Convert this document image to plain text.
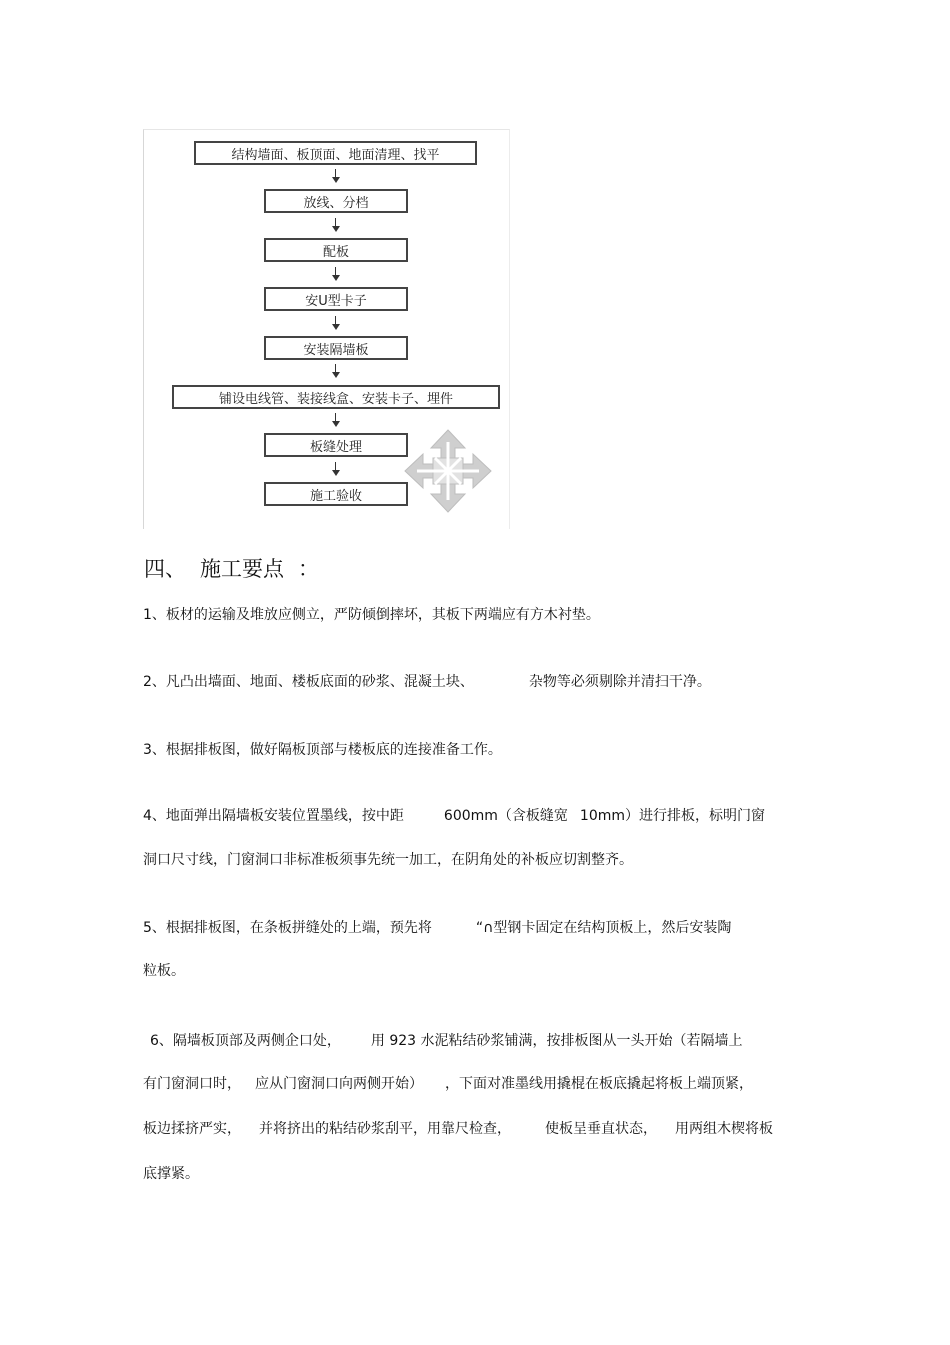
结构墙面、板顶面、地面清理、找平
放线、分档
配板
安U型卡子
安装隔墙板
铺设电线管、装接线盒、安装卡子、埋件
板缝处理
施工验收
四、 施工要点 ：
1、板材的运输及堆放应侧立，严防倾倒摔坏，其板下两端应有方木衬垫。
2、凡凸出墙面、地面、楼板底面的砂浆、混凝土块、	杂物等必须剔除并清扫干净。
3、根据排板图，做好隔板顶部与楼板底的连接准备工作。
4、地面弹出隔墙板安装位置墨线，按中距	600mm（含板缝宽 10mm）进行排板，标明门窗
洞口尺寸线，门窗洞口非标准板须事先统一加工，在阴角处的补板应切割整齐。
5、根据排板图，在条板拼缝处的上端，预先将	“∩型钢卡固定在结构顶板上，然后安装陶
粒板。
6、隔墙板顶部及两侧企口处， 用 923 水泥粘结砂浆铺满，按排板图从一头开始（若隔墙上
有门窗洞口时， 应从门窗洞口向两侧开始） ，下面对准墨线用撬棍在板底撬起将板上端顶紧，
板边揉挤严实， 并将挤出的粘结砂浆刮平，用靠尺检查， 使板呈垂直状态， 用两组木楔将板
底撑紧。
